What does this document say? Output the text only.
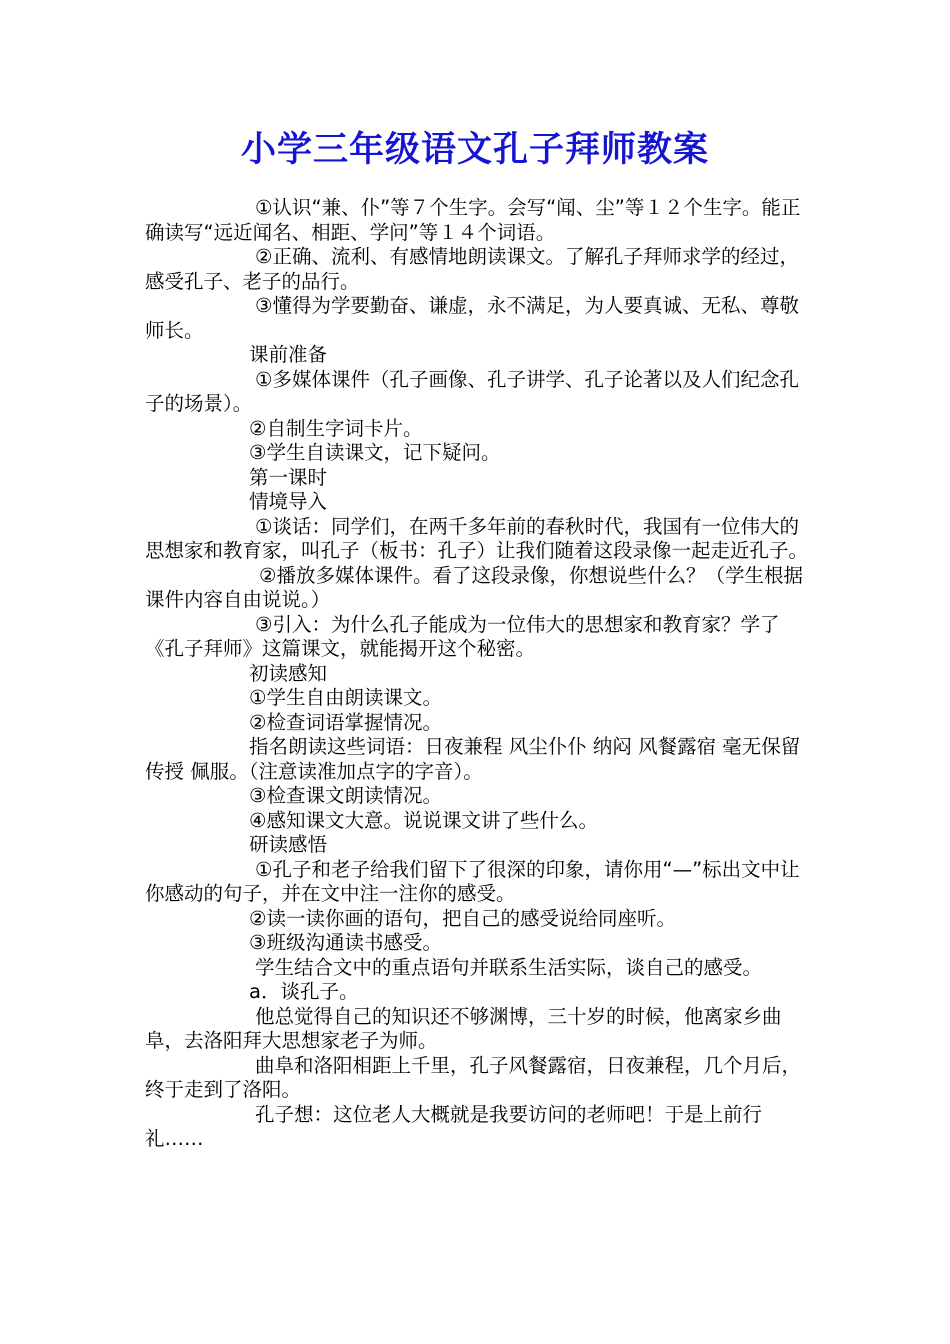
小学三年级语文孔子拜师教案

①认识“兼、仆”等７个生字。会写“闻、尘”等１２个生字。能正确读写“远近闻名、相距、学问”等１４个词语。

②正确、流利、有感情地朗读课文。了解孔子拜师求学的经过，感受孔子、老子的品行。

③懂得为学要勤奋、谦虚，永不满足，为人要真诚、无私、尊敬师长。

课前准备

①多媒体课件（孔子画像、孔子讲学、孔子论著以及人们纪念孔子的场景）。

②自制生字词卡片。

③学生自读课文，记下疑问。

第一课时

情境导入

①谈话：同学们，在两千多年前的春秋时代，我国有一位伟大的思想家和教育家，叫孔子（板书：孔子）让我们随着这段录像一起走近孔子。

②播放多媒体课件。看了这段录像，你想说些什么？（学生根据课件内容自由说说。）

③引入：为什么孔子能成为一位伟大的思想家和教育家？学了《孔子拜师》这篇课文，就能揭开这个秘密。

初读感知

①学生自由朗读课文。

②检查词语掌握情况。

指名朗读这些词语：日夜兼程 风尘仆仆 纳闷 风餐露宿 毫无保留 传授 佩服。（注意读准加点字的字音）。

③检查课文朗读情况。

④感知课文大意。说说课文讲了些什么。

研读感悟

①孔子和老子给我们留下了很深的印象，请你用“—”标出文中让你感动的句子，并在文中注一注你的感受。

②读一读你画的语句，把自己的感受说给同座听。

③班级沟通读书感受。

学生结合文中的重点语句并联系生活实际，谈自己的感受。

a．谈孔子。

他总觉得自己的知识还不够渊博，三十岁的时候，他离家乡曲阜，去洛阳拜大思想家老子为师。

曲阜和洛阳相距上千里，孔子风餐露宿，日夜兼程，几个月后，终于走到了洛阳。

孔子想：这位老人大概就是我要访问的老师吧！于是上前行礼……
